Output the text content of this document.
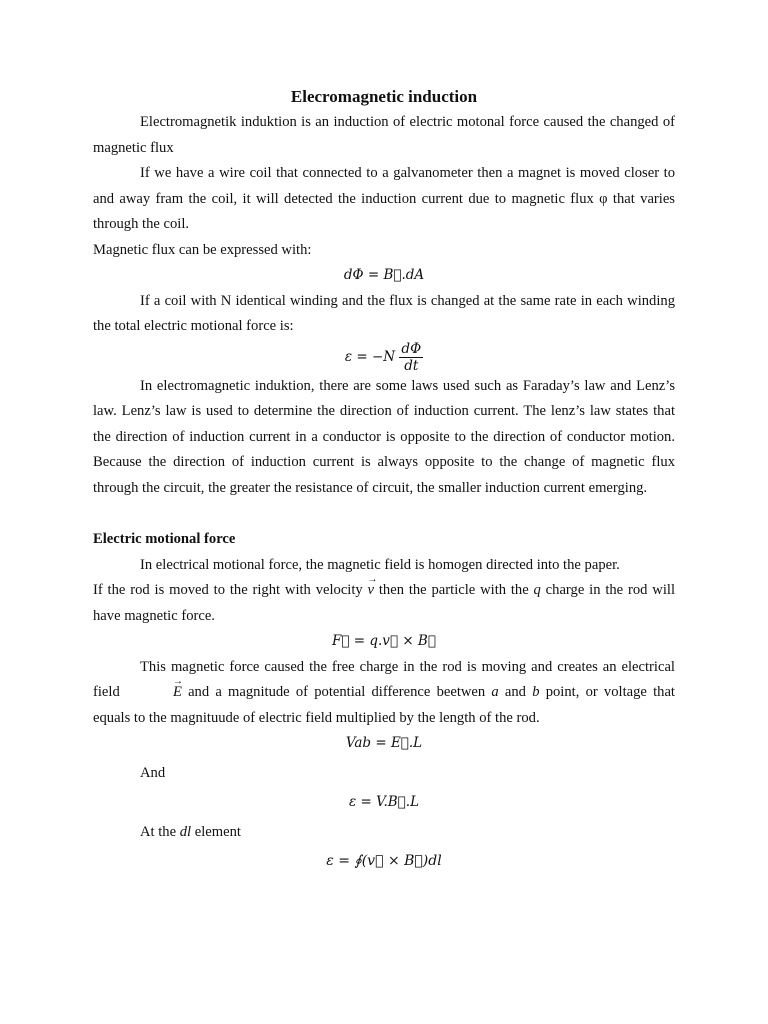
Elecromagnetic induction

Electromagnetik induktion is an induction of electric motonal force caused the changed of magnetic flux

If we have a wire coil that connected to a galvanometer then a magnet is moved closer to and away fram the coil, it will detected the induction current due to magnetic flux φ that varies through the coil.

Magnetic flux can be expressed with:

dΦ = B⃗.dA

If a coil with N identical winding and the flux is changed at the same rate in each winding the total electric motional force is:

$\varepsilon = -N \frac{d\Phi}{dt}$

In electromagnetic induktion, there are some laws used such as Faraday’s law and Lenz’s law. Lenz’s law is used to determine the direction of induction current. The lenz’s law states that the direction of induction current in a conductor is opposite to the direction of conductor motion. Because the direction of induction current is always opposite to the change of magnetic flux through the circuit, the greater the resistance of circuit, the smaller induction current emerging.

Electric motional force

In electrical motional force, the magnetic field is homogen directed into the paper.

If the rod is moved to the right with velocity → v then the particle with the q charge in the rod will have magnetic force.

F⃗ = q.v⃗ × B⃗

This magnetic force caused the free charge in the rod is moving and creates an electrical field →	E and a magnitude of potential difference beetwen a and b point, or voltage that equals to the magnituude of electric field multiplied by the length of the rod.

Vab = E⃗.L
And
ε = V.B⃗.L
At the dl element
ε = ∮(v⃗ × B⃗)dl
